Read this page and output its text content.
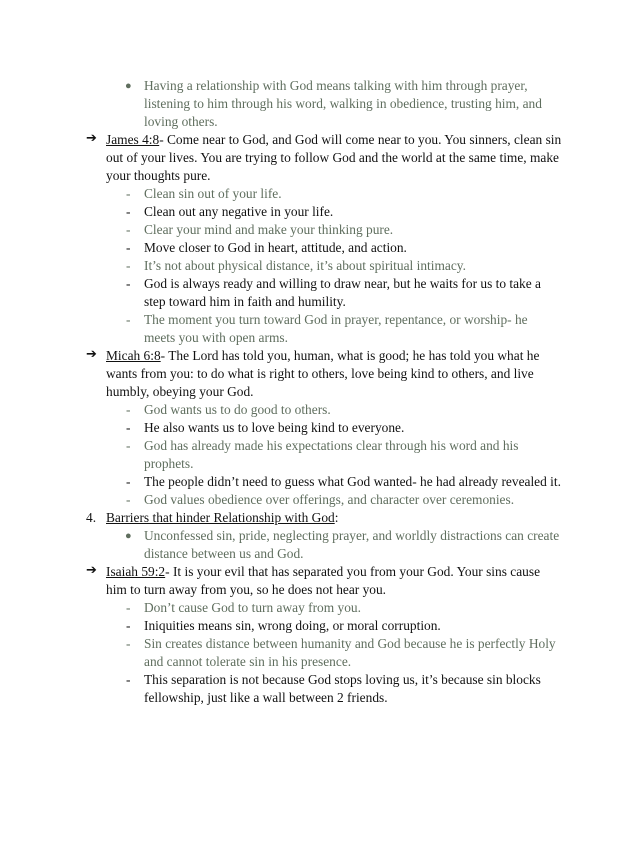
● Having a relationship with God means talking with him through prayer, listening to him through his word, walking in obedience, trusting him, and loving others.
➔ James 4:8- Come near to God, and God will come near to you. You sinners, clean sin out of your lives. You are trying to follow God and the world at the same time, make your thoughts pure.
- Clean sin out of your life.
- Clean out any negative in your life.
- Clear your mind and make your thinking pure.
- Move closer to God in heart, attitude, and action.
- It’s not about physical distance, it’s about spiritual intimacy.
- God is always ready and willing to draw near, but he waits for us to take a step toward him in faith and humility.
- The moment you turn toward God in prayer, repentance, or worship- he meets you with open arms.
➔ Micah 6:8- The Lord has told you, human, what is good; he has told you what he wants from you: to do what is right to others, love being kind to others, and live humbly, obeying your God.
- God wants us to do good to others.
- He also wants us to love being kind to everyone.
- God has already made his expectations clear through his word and his prophets.
- The people didn’t need to guess what God wanted- he had already revealed it.
- God values obedience over offerings, and character over ceremonies.
4. Barriers that hinder Relationship with God:
● Unconfessed sin, pride, neglecting prayer, and worldly distractions can create distance between us and God.
➔ Isaiah 59:2- It is your evil that has separated you from your God. Your sins cause him to turn away from you, so he does not hear you.
- Don’t cause God to turn away from you.
- Iniquities means sin, wrong doing, or moral corruption.
- Sin creates distance between humanity and God because he is perfectly Holy and cannot tolerate sin in his presence.
- This separation is not because God stops loving us, it’s because sin blocks fellowship, just like a wall between 2 friends.
